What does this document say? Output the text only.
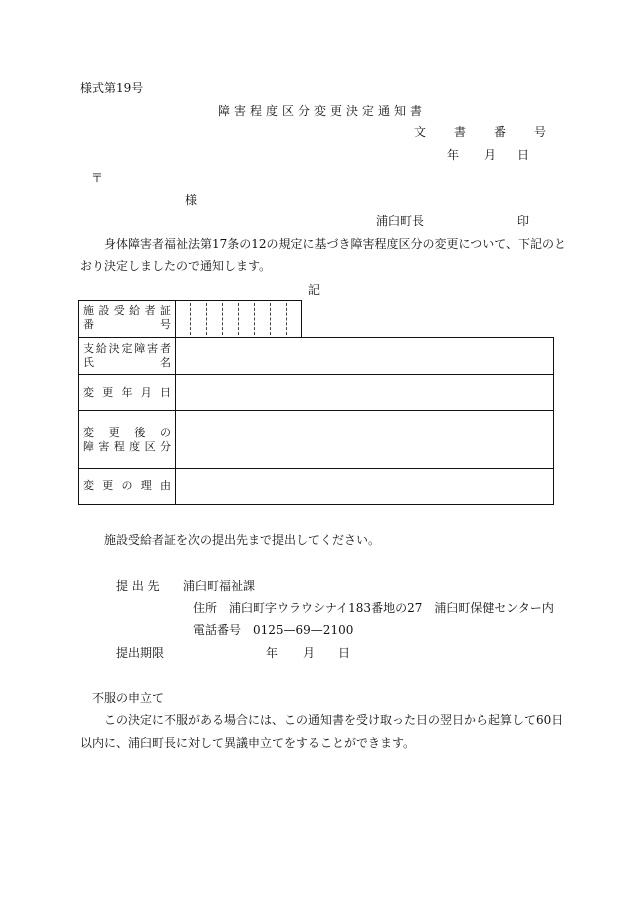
様式第19号
障害程度区分変更決定通知書
文　書　番　号
年 月 日
〒
様
浦臼町長	印
身体障害者福祉法第17条の12の規定に基づき障害程度区分の変更について、下記のと
おり決定しましたので通知します。
記
施 設 受 給 者 証
番	号
支 給 決 定 障 害 者
氏	名
変 更 年 月 日
変 更 後 の
障 害 程 度 区 分
変 更 の 理 由
施設受給者証を次の提出先まで提出してください。
提 出 先 浦臼町福祉課
住所 浦臼町字ウラウシナイ183番地の27　浦臼町保健センター内
電話番号 0125—69—2100
提出期限	年 月 日
不服の申立て
この決定に不服がある場合には、この通知書を受け取った日の翌日から起算して60日
以内に、浦臼町長に対して異議申立てをすることができます。
